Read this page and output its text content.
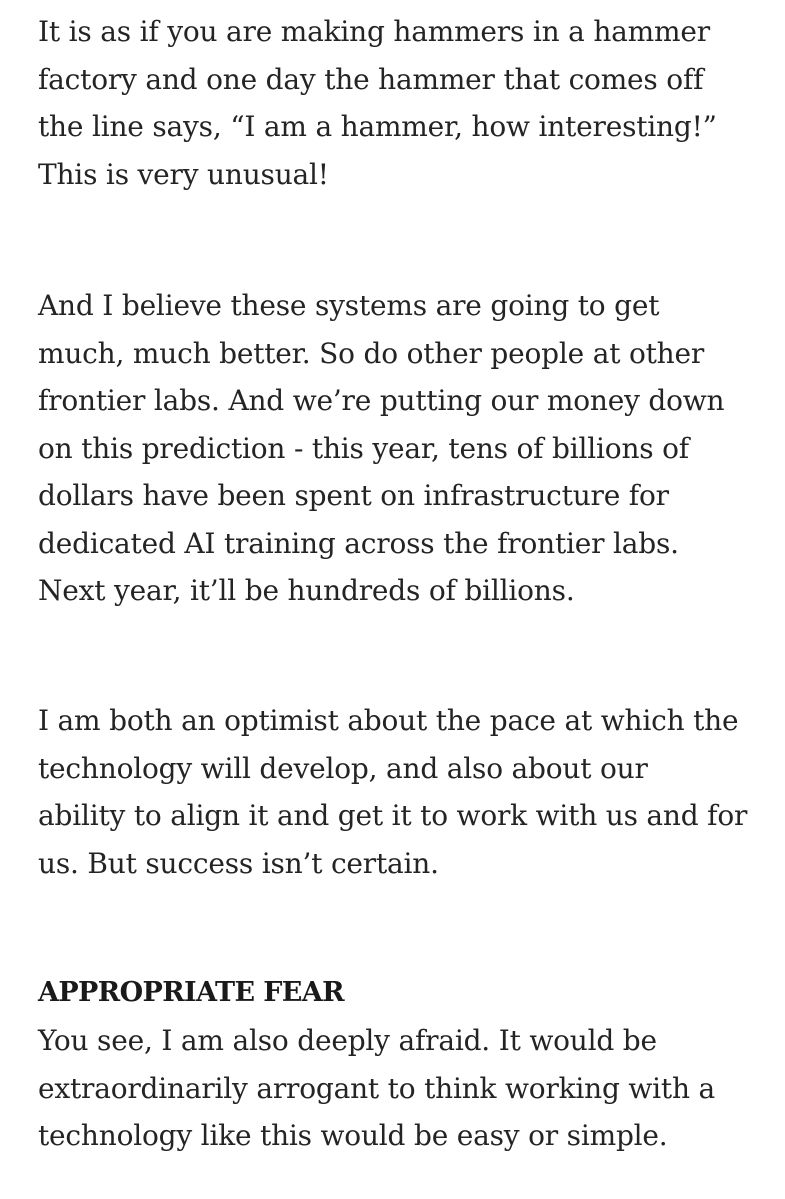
It is as if you are making hammers in a hammer
factory and one day the hammer that comes off
the line says, “I am a hammer, how interesting!”
This is very unusual!

And I believe these systems are going to get
much, much better. So do other people at other
frontier labs. And we’re putting our money down
on this prediction - this year, tens of billions of
dollars have been spent on infrastructure for
dedicated AI training across the frontier labs.
Next year, it’ll be hundreds of billions.

I am both an optimist about the pace at which the
technology will develop, and also about our
ability to align it and get it to work with us and for
us. But success isn’t certain.

APPROPRIATE FEAR

You see, I am also deeply afraid. It would be
extraordinarily arrogant to think working with a
technology like this would be easy or simple.
